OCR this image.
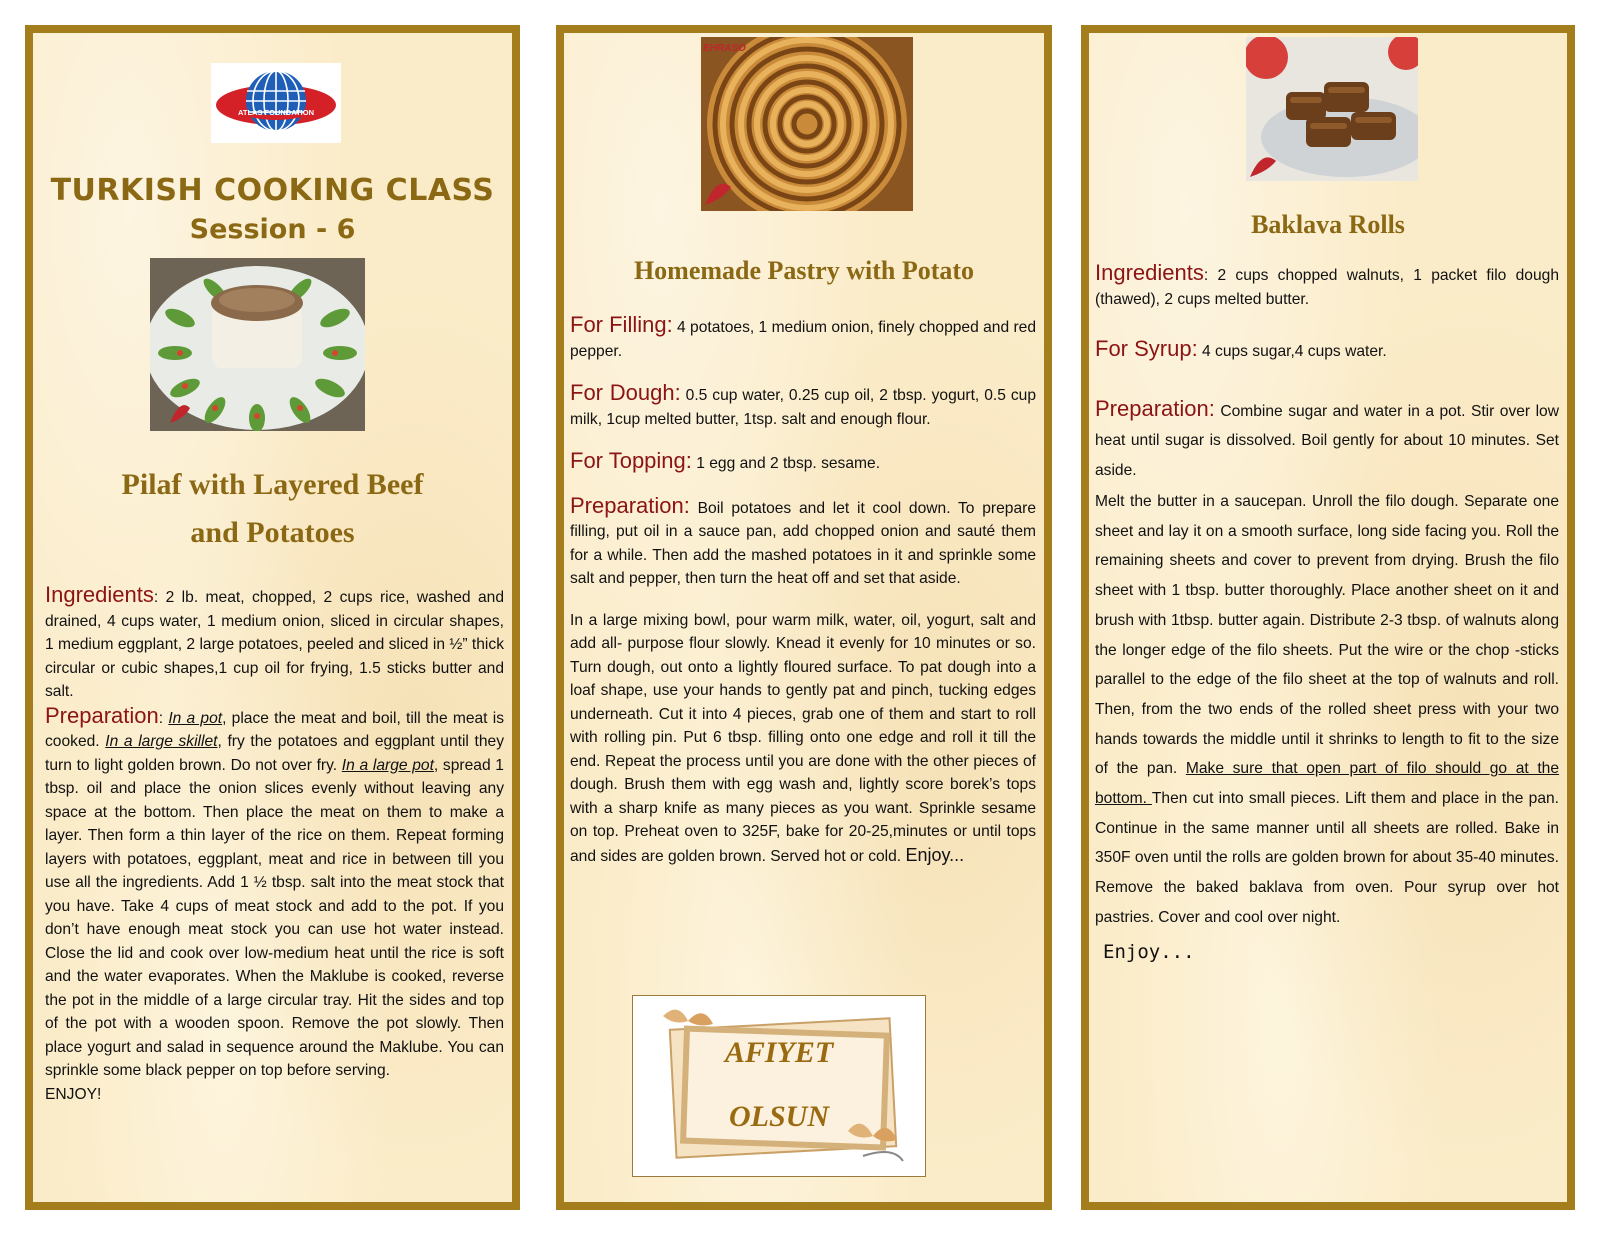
ATLAS FOUNDATION
TURKISH COOKING CLASS
Session - 6
Pilaf with Layered Beef
and Potatoes

Ingredients: 2 lb. meat, chopped, 2 cups rice, washed and drained, 4 cups water, 1 medium onion, sliced in circular shapes, 1 medium eggplant, 2 large potatoes, peeled and sliced in ½” thick circular or cubic shapes,1 cup oil for frying, 1.5 sticks butter and salt.

Preparation: In a pot, place the meat and boil, till the meat is cooked. In a large skillet, fry the potatoes and eggplant until they turn to light golden brown. Do not over fry. In a large pot, spread 1 tbsp. oil and place the onion slices evenly without leaving any space at the bottom. Then place the meat on them to make a layer. Then form a thin layer of the rice on them. Repeat forming layers with potatoes, eggplant, meat and rice in between till you use all the ingredients. Add 1 ½ tbsp. salt into the meat stock that you have. Take 4 cups of meat stock and add to the pot. If you don’t have enough meat stock you can use hot water instead. Close the lid and cook over low-medium heat until the rice is soft and the water evaporates. When the Maklube is cooked, reverse the pot in the middle of a large circular tray. Hit the sides and top of the pot with a wooden spoon. Remove the pot slowly. Then place yogurt and salad in sequence around the Maklube. You can sprinkle some black pepper on top before serving.

ENJOY!

EHRASO
Homemade Pastry with Potato

For Filling: 4 potatoes, 1 medium onion, finely chopped and red pepper.

For Dough: 0.5 cup water, 0.25 cup oil, 2 tbsp. yogurt, 0.5 cup milk, 1cup melted butter, 1tsp. salt and enough flour.

For Topping: 1 egg and 2 tbsp. sesame.

Preparation: Boil potatoes and let it cool down. To prepare filling, put oil in a sauce pan, add chopped onion and sauté them for a while. Then add the mashed potatoes in it and sprinkle some salt and pepper, then turn the heat off and set that aside.

In a large mixing bowl, pour warm milk, water, oil, yogurt, salt and add all- purpose flour slowly. Knead it evenly for 10 minutes or so. Turn dough, out onto a lightly floured surface. To pat dough into a loaf shape, use your hands to gently pat and pinch, tucking edges underneath. Cut it into 4 pieces, grab one of them and start to roll with rolling pin. Put 6 tbsp. filling onto one edge and roll it till the end. Repeat the process until you are done with the other pieces of dough. Brush them with egg wash and, lightly score borek’s tops with a sharp knife as many pieces as you want. Sprinkle sesame on top. Preheat oven to 325F, bake for 20-25,minutes or until tops and sides are golden brown. Served hot or cold. Enjoy...

AFIYET
OLSUN
Baklava Rolls

Ingredients: 2 cups chopped walnuts, 1 packet filo dough (thawed), 2 cups melted butter.

For Syrup: 4 cups sugar,4 cups water.

Preparation: Combine sugar and water in a pot. Stir over low heat until sugar is dissolved. Boil gently for about 10 minutes. Set aside.

Melt the butter in a saucepan. Unroll the filo dough. Separate one sheet and lay it on a smooth surface, long side facing you. Roll the remaining sheets and cover to prevent from drying. Brush the filo sheet with 1 tbsp. butter thoroughly. Place another sheet on it and brush with 1tbsp. butter again. Distribute 2-3 tbsp. of walnuts along the longer edge of the filo sheets. Put the wire or the chop -sticks parallel to the edge of the filo sheet at the top of walnuts and roll. Then, from the two ends of the rolled sheet press with your two hands towards the middle until it shrinks to length to fit to the size of the pan. Make sure that open part of filo should go at the bottom. Then cut into small pieces. Lift them and place in the pan. Continue in the same manner until all sheets are rolled. Bake in 350F oven until the rolls are golden brown for about 35-40 minutes. Remove the baked baklava from oven. Pour syrup over hot pastries. Cover and cool over night.

Enjoy...
